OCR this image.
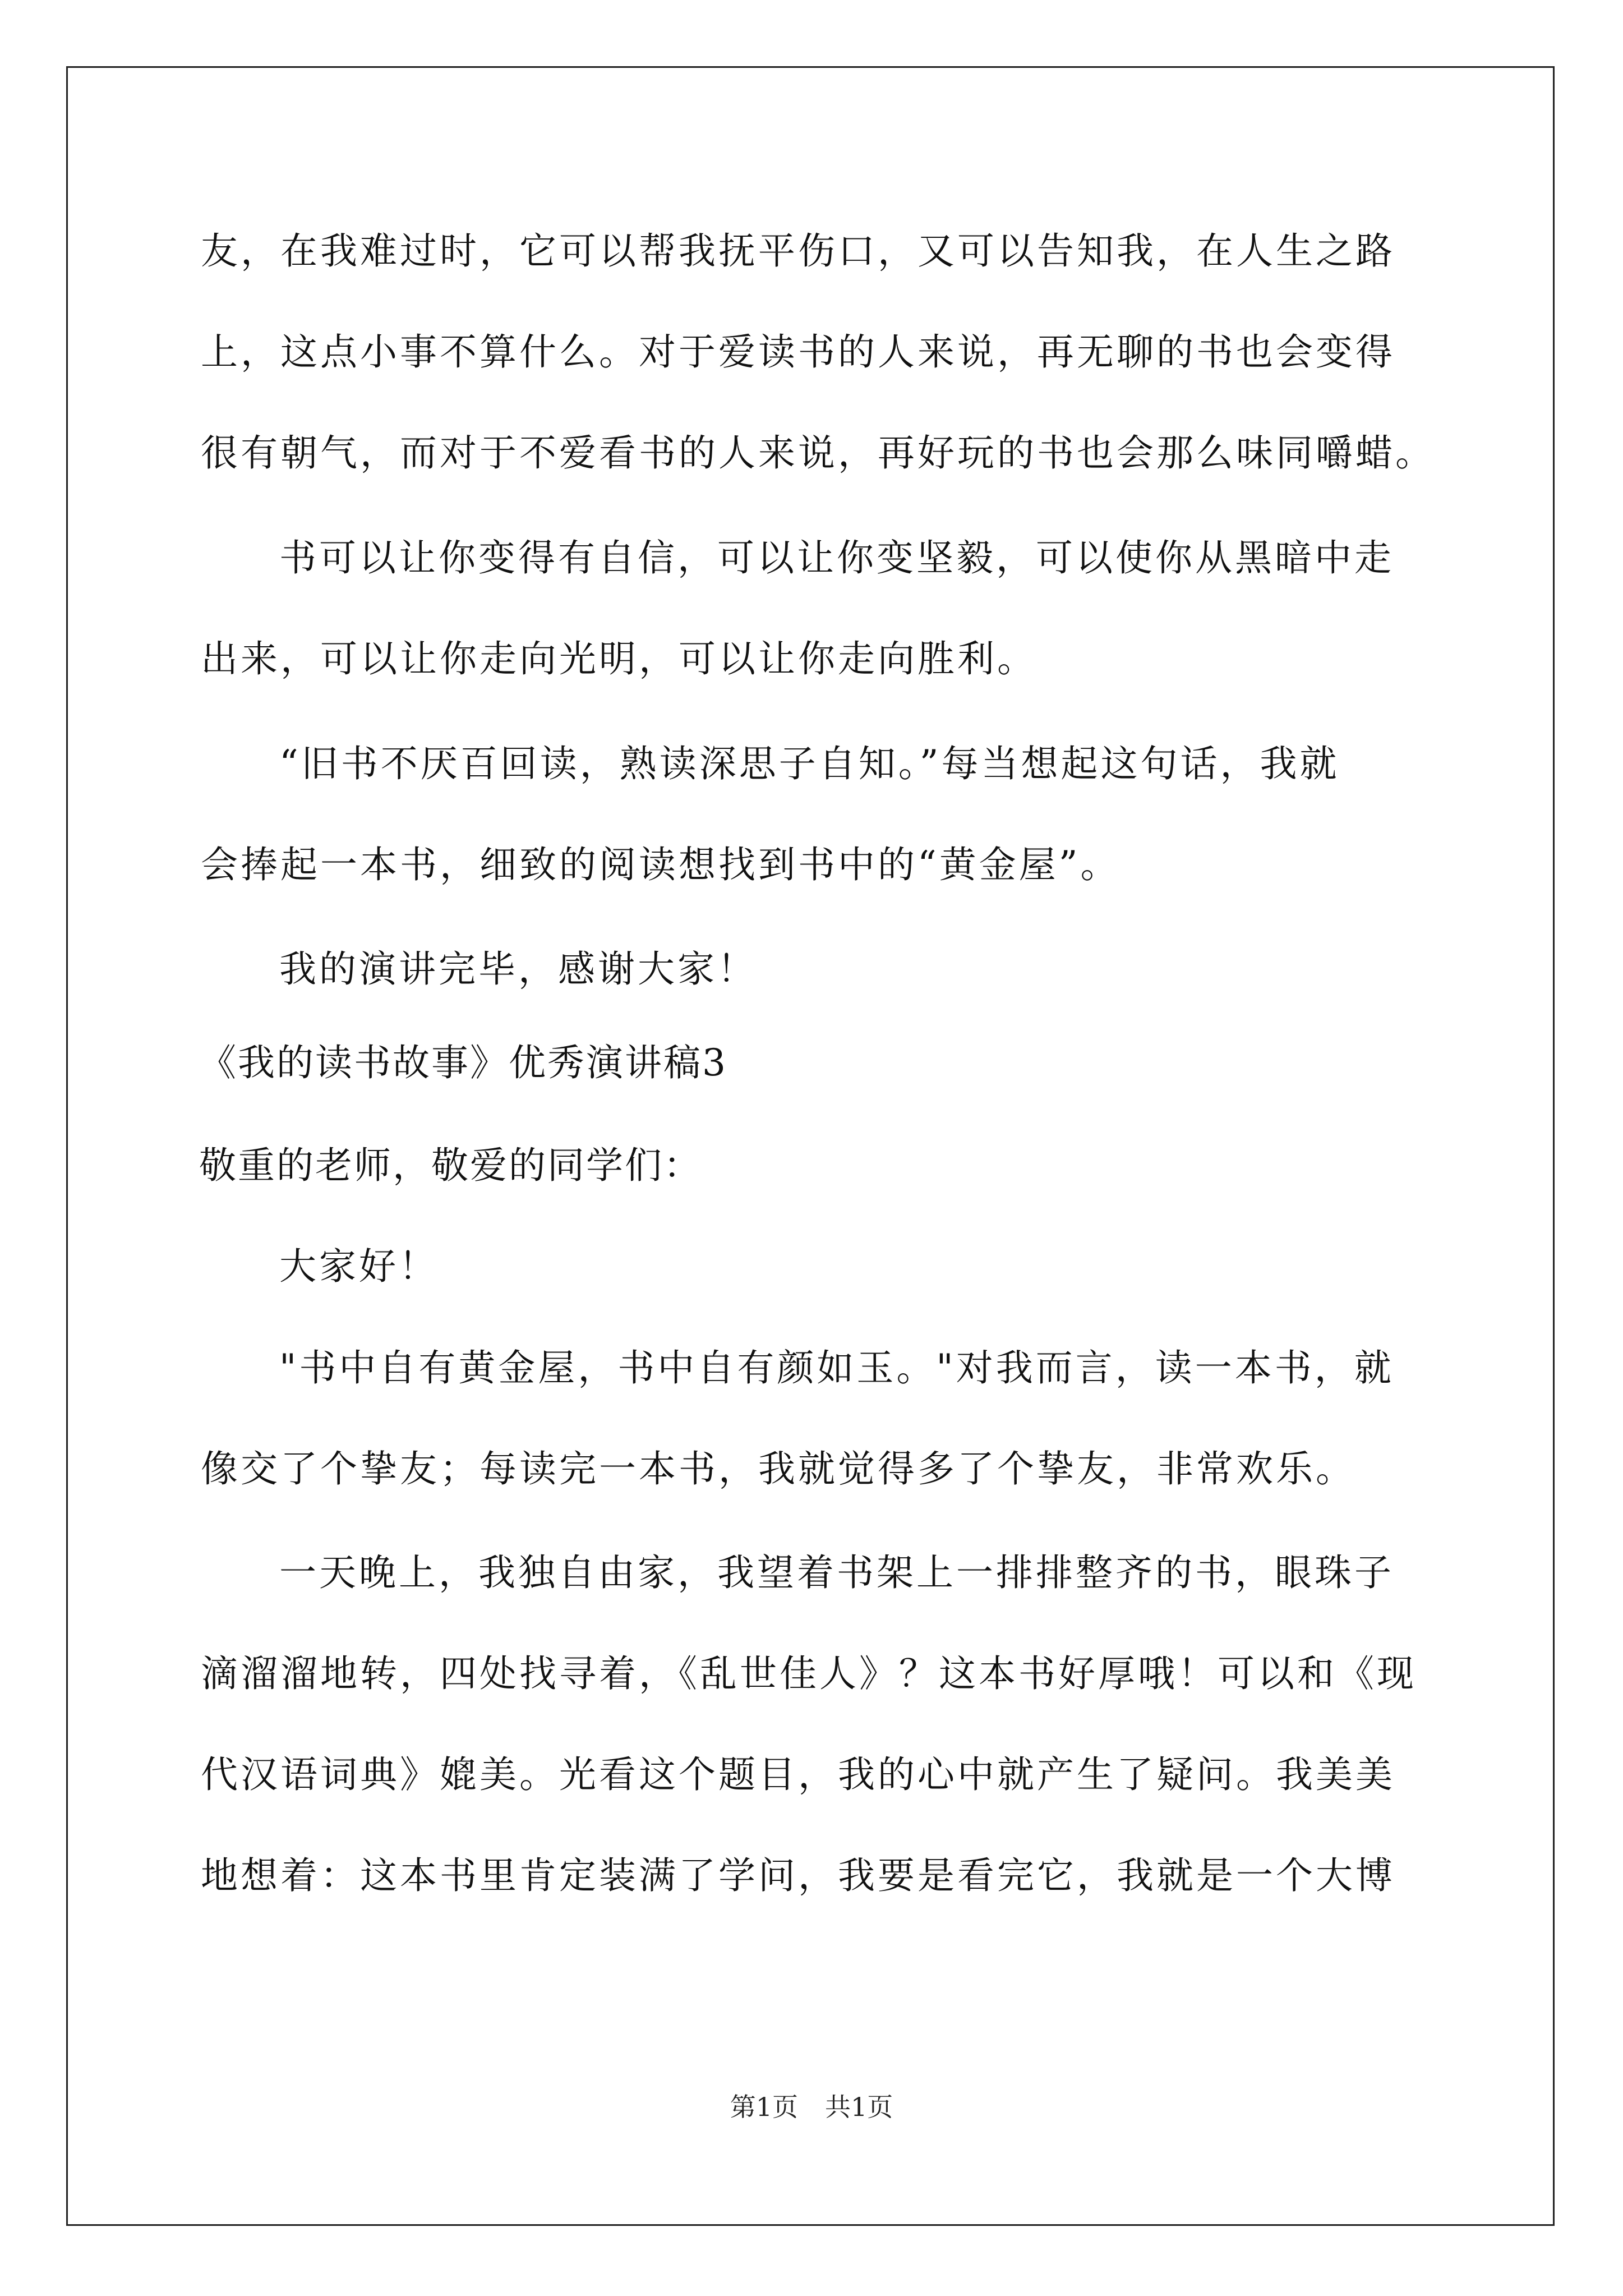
友，在我难过时，它可以帮我抚平伤口，又可以告知我，在人生之路
上，这点小事不算什么。对于爱读书的人来说，再无聊的书也会变得
很有朝气，而对于不爱看书的人来说，再好玩的书也会那么味同嚼蜡。
书可以让你变得有自信，可以让你变坚毅，可以使你从黑暗中走
出来，可以让你走向光明，可以让你走向胜利。
“旧书不厌百回读，熟读深思子自知。”每当想起这句话，我就
会捧起一本书，细致的阅读想找到书中的“黄金屋”。
我的演讲完毕，感谢大家！
《我的读书故事》优秀演讲稿3
敬重的老师，敬爱的同学们：
大家好！
"书中自有黄金屋，书中自有颜如玉。"对我而言，读一本书，就
像交了个挚友；每读完一本书，我就觉得多了个挚友，非常欢乐。
一天晚上，我独自由家，我望着书架上一排排整齐的书，眼珠子
滴溜溜地转，四处找寻着，《乱世佳人》？这本书好厚哦！可以和《现
代汉语词典》媲美。光看这个题目，我的心中就产生了疑问。我美美
地想着：这本书里肯定装满了学问，我要是看完它，我就是一个大博
第1页 共1页
